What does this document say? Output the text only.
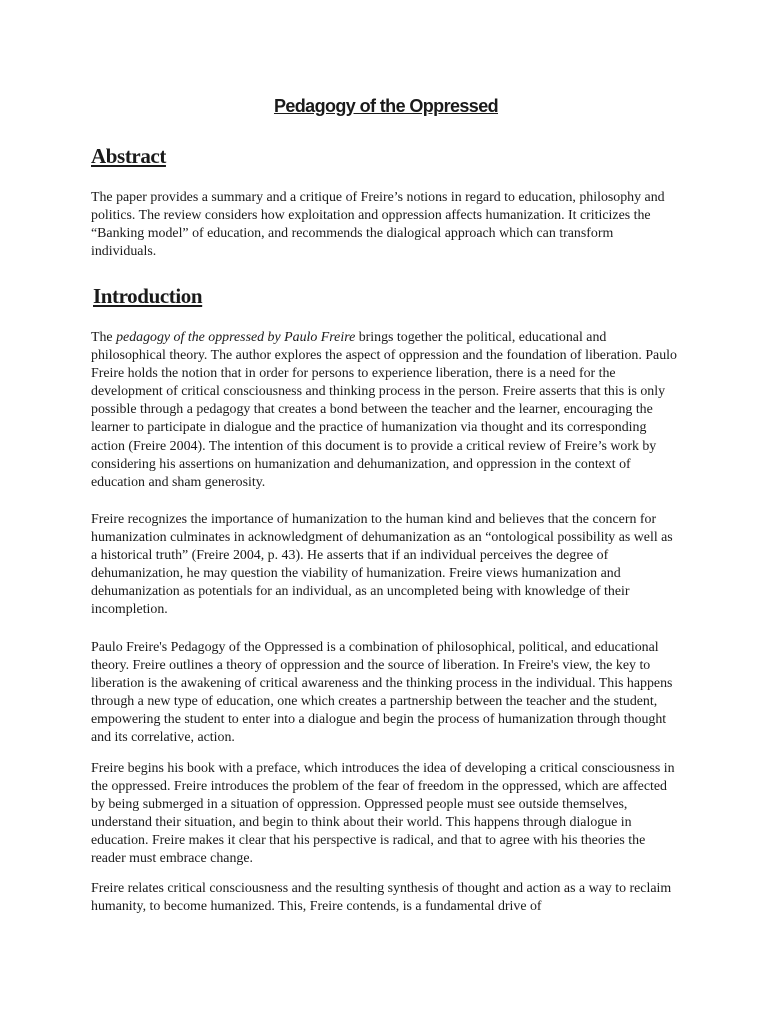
Pedagogy of the Oppressed
Abstract

The paper provides a summary and a critique of Freire’s notions in regard to education, philosophy and politics. The review considers how exploitation and oppression affects humanization. It criticizes the “Banking model” of education, and recommends the dialogical approach which can transform individuals.

Introduction

The pedagogy of the oppressed by Paulo Freire brings together the political, educational and philosophical theory. The author explores the aspect of oppression and the foundation of liberation. Paulo Freire holds the notion that in order for persons to experience liberation, there is a need for the development of critical consciousness and thinking process in the person. Freire asserts that this is only possible through a pedagogy that creates a bond between the teacher and the learner, encouraging the learner to participate in dialogue and the practice of humanization via thought and its corresponding action (Freire 2004). The intention of this document is to provide a critical review of Freire’s work by considering his assertions on humanization and dehumanization, and oppression in the context of education and sham generosity.

Freire recognizes the importance of humanization to the human kind and believes that the concern for humanization culminates in acknowledgment of dehumanization as an “ontological possibility as well as a historical truth” (Freire 2004, p. 43). He asserts that if an individual perceives the degree of dehumanization, he may question the viability of humanization. Freire views humanization and dehumanization as potentials for an individual, as an uncompleted being with knowledge of their incompletion.

Paulo Freire's Pedagogy of the Oppressed is a combination of philosophical, political, and educational theory. Freire outlines a theory of oppression and the source of liberation. In Freire's view, the key to liberation is the awakening of critical awareness and the thinking process in the individual. This happens through a new type of education, one which creates a partnership between the teacher and the student, empowering the student to enter into a dialogue and begin the process of humanization through thought and its correlative, action.

Freire begins his book with a preface, which introduces the idea of developing a critical consciousness in the oppressed. Freire introduces the problem of the fear of freedom in the oppressed, which are affected by being submerged in a situation of oppression. Oppressed people must see outside themselves, understand their situation, and begin to think about their world. This happens through dialogue in education. Freire makes it clear that his perspective is radical, and that to agree with his theories the reader must embrace change.

Freire relates critical consciousness and the resulting synthesis of thought and action as a way to reclaim humanity, to become humanized. This, Freire contends, is a fundamental drive of
